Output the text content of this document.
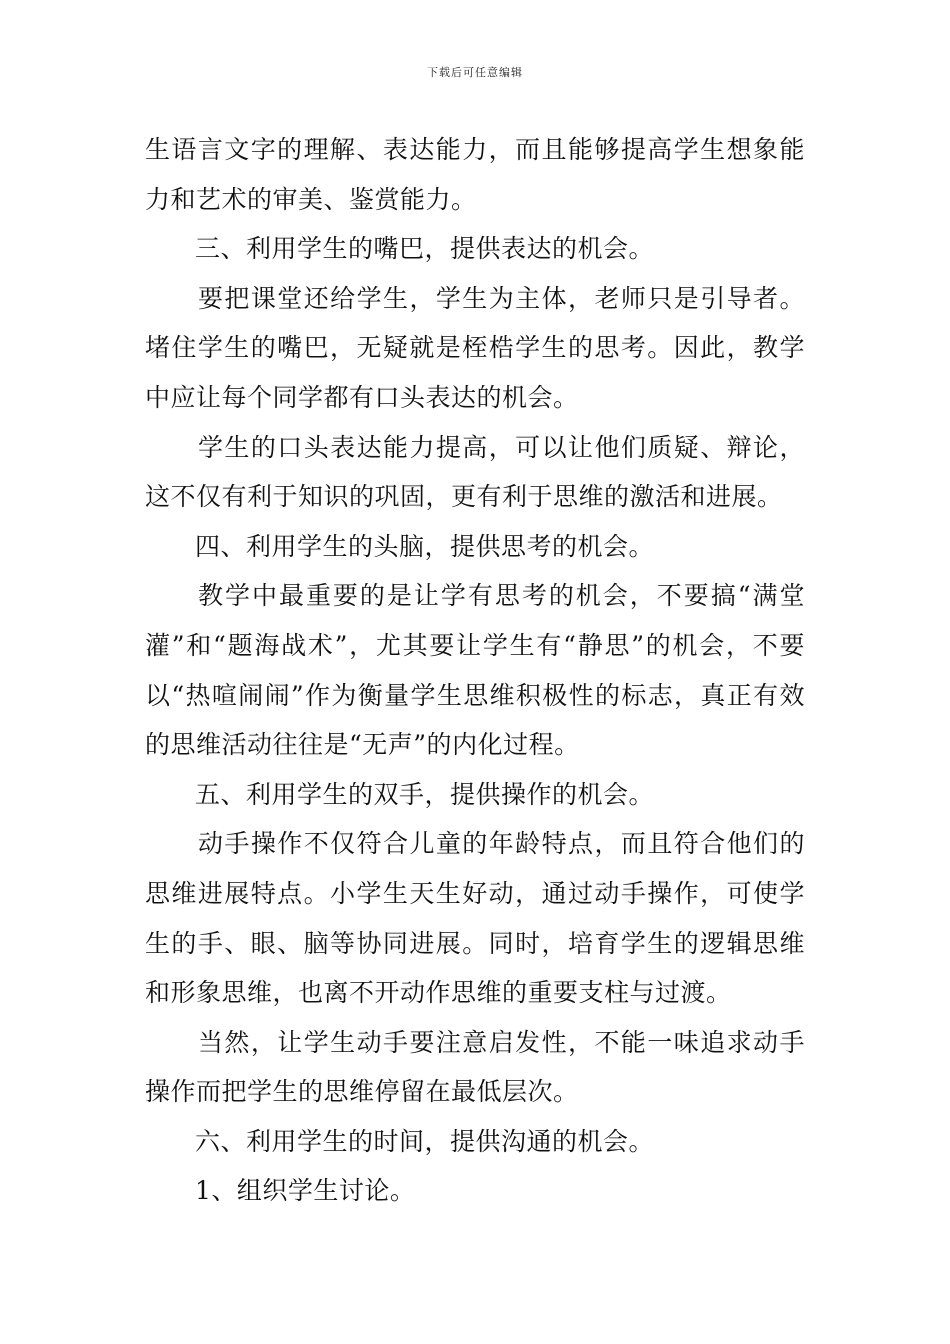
下载后可任意编辑

生语言文字的理解、表达能力，而且能够提高学生想象能力和艺术的审美、鉴赏能力。

三、利用学生的嘴巴，提供表达的机会。

要把课堂还给学生，学生为主体，老师只是引导者。堵住学生的嘴巴，无疑就是桎梏学生的思考。因此，教学中应让每个同学都有口头表达的机会。

学生的口头表达能力提高，可以让他们质疑、辩论，这不仅有利于知识的巩固，更有利于思维的激活和进展。

四、利用学生的头脑，提供思考的机会。

教学中最重要的是让学有思考的机会，不要搞“满堂灌”和“题海战术”，尤其要让学生有“静思”的机会，不要以“热喧闹闹”作为衡量学生思维积极性的标志，真正有效的思维活动往往是“无声”的内化过程。

五、利用学生的双手，提供操作的机会。

动手操作不仅符合儿童的年龄特点，而且符合他们的思维进展特点。小学生天生好动，通过动手操作，可使学生的手、眼、脑等协同进展。同时，培育学生的逻辑思维和形象思维，也离不开动作思维的重要支柱与过渡。

当然，让学生动手要注意启发性，不能一味追求动手操作而把学生的思维停留在最低层次。

六、利用学生的时间，提供沟通的机会。

1、组织学生讨论。
